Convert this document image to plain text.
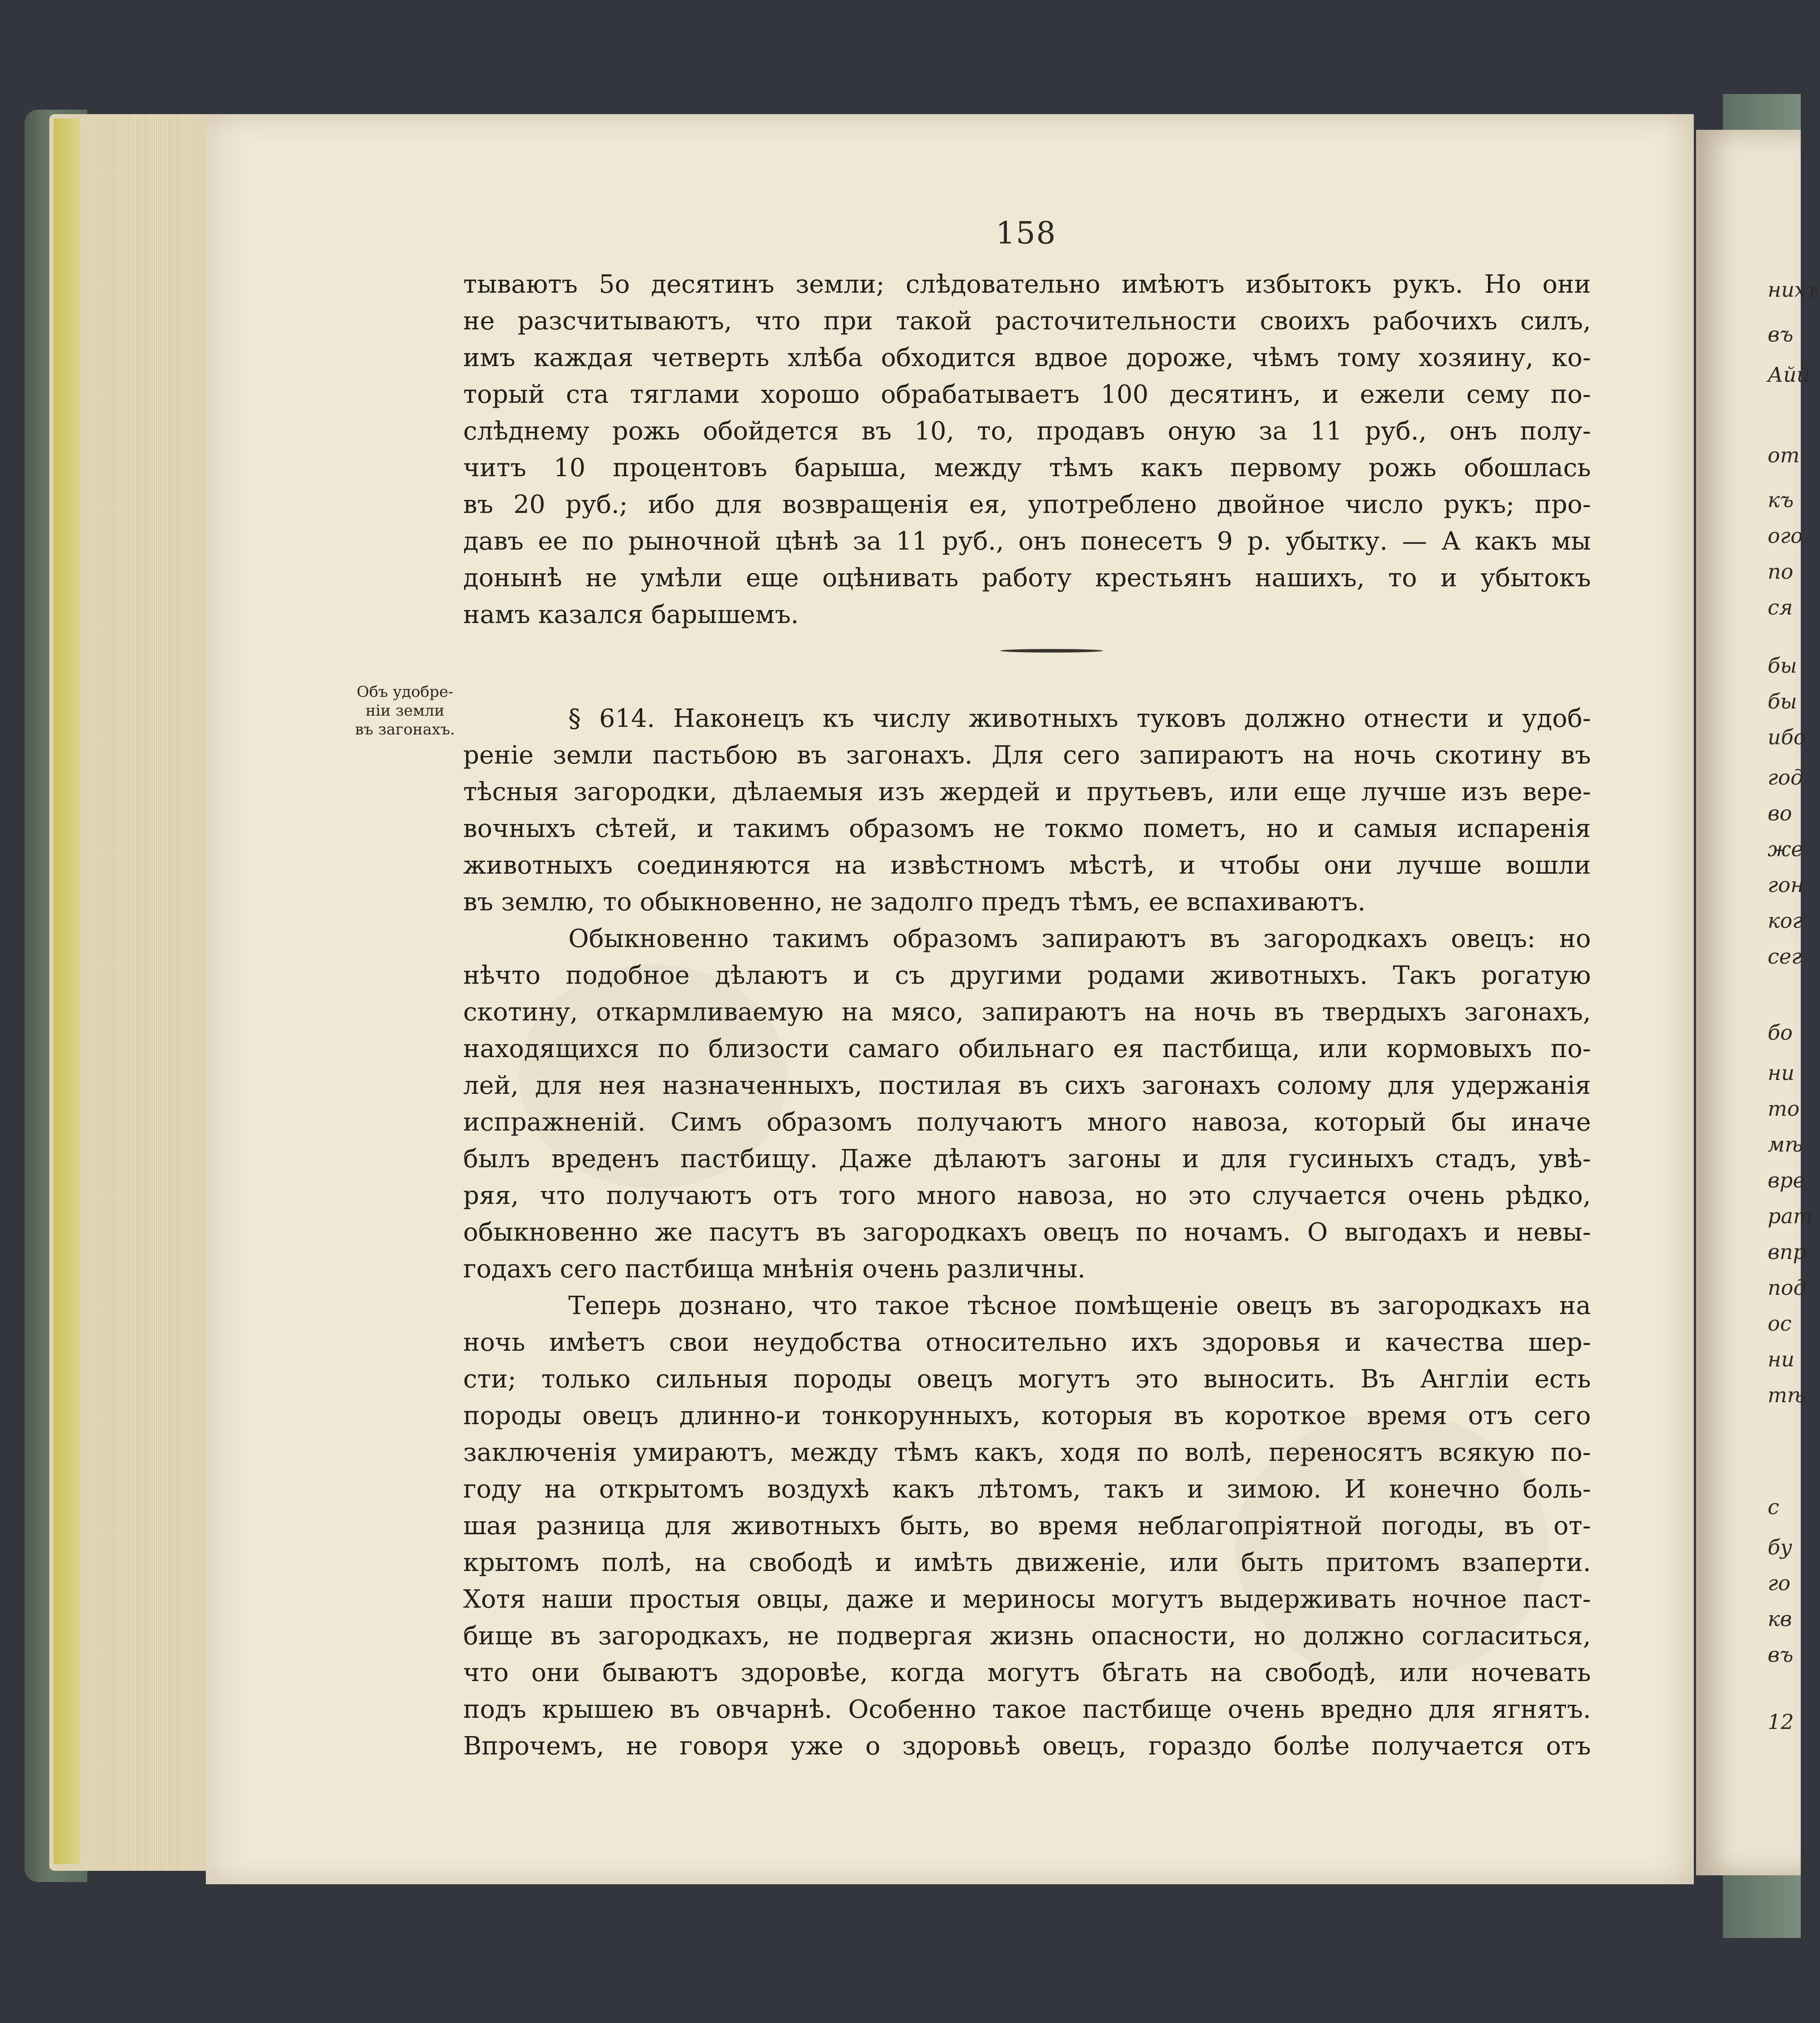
нихъ
въ
Айй
от
къ
ого
по
ся
бы
бы
ибо
год
во
же
гон
ког
сег
бо
ни
то
мѣ
вре
рат
впр
под
ос
ни
тѣ
с
бу
го
кв
въ
12
158
Объ удобре-
нiи земли
въ загонахъ.
тываютъ 5о десятинъ земли; слѣдовательно имѣютъ избытокъ рукъ. Но они
не разсчитываютъ, что при такой расточительности своихъ рабочихъ силъ,
имъ каждая четверть хлѣба обходится вдвое дороже, чѣмъ тому хозяину, ко-
торый ста тяглами хорошо обрабатываетъ 100 десятинъ, и ежели сему по-
слѣднему рожь обойдется въ 10, то, продавъ оную за 11 руб., онъ полу-
читъ 10 процентовъ барыша, между тѣмъ какъ первому рожь обошлась
въ 20 руб.; ибо для возвращенія ея, употреблено двойное число рукъ; про-
давъ ее по рыночной цѣнѣ за 11 руб., онъ понесетъ 9 р. убытку. — А какъ мы
донынѣ не умѣли еще оцѣнивать работу крестьянъ нашихъ, то и убытокъ
намъ казался барышемъ.
§ 614. Наконецъ къ числу животныхъ туковъ должно отнести и удоб-
реніе земли пастьбою въ загонахъ. Для сего запираютъ на ночь скотину въ
тѣсныя загородки, дѣлаемыя изъ жердей и прутьевъ, или еще лучше изъ вере-
вочныхъ сѣтей, и такимъ образомъ не токмо пометъ, но и самыя испаренія
животныхъ соединяются на извѣстномъ мѣстѣ, и чтобы они лучше вошли
въ землю, то обыкновенно, не задолго предъ тѣмъ, ее вспахиваютъ.
Обыкновенно такимъ образомъ запираютъ въ загородкахъ овецъ: но
нѣчто подобное дѣлаютъ и съ другими родами животныхъ. Такъ рогатую
скотину, откармливаемую на мясо, запираютъ на ночь въ твердыхъ загонахъ,
находящихся по близости самаго обильнаго ея пастбища, или кормовыхъ по-
лей, для нея назначенныхъ, постилая въ сихъ загонахъ солому для удержанія
испражненій. Симъ образомъ получаютъ много навоза, который бы иначе
былъ вреденъ пастбищу. Даже дѣлаютъ загоны и для гусиныхъ стадъ, увѣ-
ряя, что получаютъ отъ того много навоза, но это случается очень рѣдко,
обыкновенно же пасутъ въ загородкахъ овецъ по ночамъ. О выгодахъ и невы-
годахъ сего пастбища мнѣнія очень различны.
Теперь дознано, что такое тѣсное помѣщеніе овецъ въ загородкахъ на
ночь имѣетъ свои неудобства относительно ихъ здоровья и качества шер-
сти; только сильныя породы овецъ могутъ это выносить. Въ Англіи есть
породы овецъ длинно-и тонкорунныхъ, которыя въ короткое время отъ сего
заключенія умираютъ, между тѣмъ какъ, ходя по волѣ, переносятъ всякую по-
году на открытомъ воздухѣ какъ лѣтомъ, такъ и зимою. И конечно боль-
шая разница для животныхъ быть, во время неблагопріятной погоды, въ от-
крытомъ полѣ, на свободѣ и имѣть движеніе, или быть притомъ взаперти.
Хотя наши простыя овцы, даже и мериносы могутъ выдерживать ночное паст-
бище въ загородкахъ, не подвергая жизнь опасности, но должно согласиться,
что они бываютъ здоровѣе, когда могутъ бѣгать на свободѣ, или ночевать
подъ крышею въ овчарнѣ. Особенно такое пастбище очень вредно для ягнятъ.
Впрочемъ, не говоря уже о здоровьѣ овецъ, гораздо болѣе получается отъ
